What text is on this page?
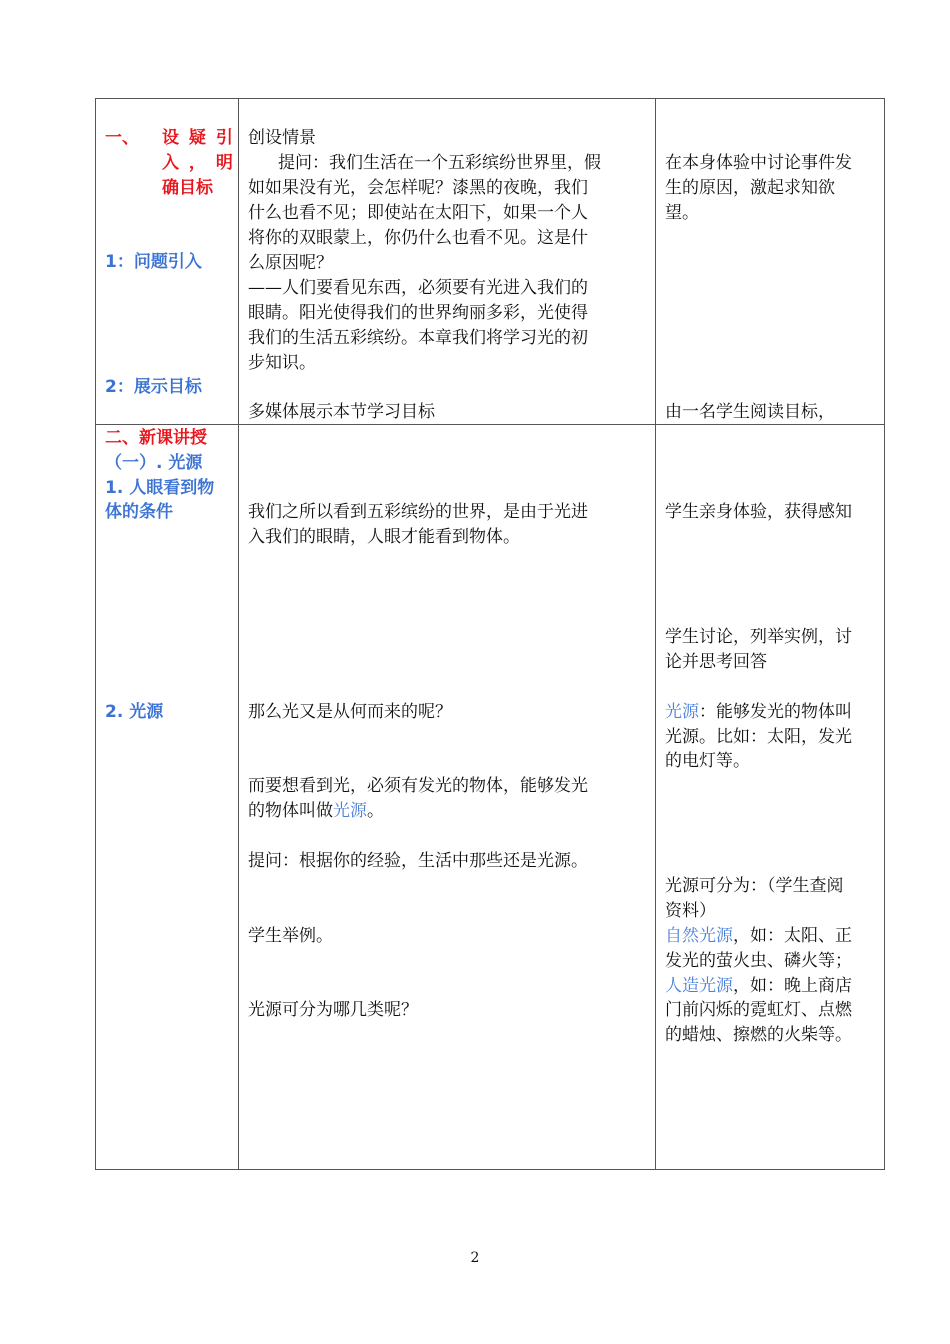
一、 设 疑 引
入 ， 明
确目标
1：问题引入
2：展示目标
二、新课讲授
（一）. 光源
1. 人眼看到物
体的条件
2. 光源
创设情景
提问：我们生活在一个五彩缤纷世界里，假
如如果没有光，会怎样呢？漆黑的夜晚，我们
什么也看不见；即使站在太阳下，如果一个人
将你的双眼蒙上，你仍什么也看不见。这是什
么原因呢？
——人们要看见东西，必须要有光进入我们的
眼睛。阳光使得我们的世界绚丽多彩，光使得
我们的生活五彩缤纷。本章我们将学习光的初
步知识。
多媒体展示本节学习目标
我们之所以看到五彩缤纷的世界，是由于光进
入我们的眼睛，人眼才能看到物体。
那么光又是从何而来的呢？
而要想看到光，必须有发光的物体，能够发光
的物体叫做光源。
提问：根据你的经验，生活中那些还是光源。
学生举例。
光源可分为哪几类呢？
在本身体验中讨论事件发
生的原因，激起求知欲
望。
由一名学生阅读目标，
学生亲身体验，获得感知
学生讨论，列举实例，讨
论并思考回答
光源：能够发光的物体叫
光源。比如：太阳，发光
的电灯等。
光源可分为：（学生查阅
资料）
自然光源，如：太阳、正
发光的萤火虫、磷火等；
人造光源，如：晚上商店
门前闪烁的霓虹灯、点燃
的蜡烛、擦燃的火柴等。
2
